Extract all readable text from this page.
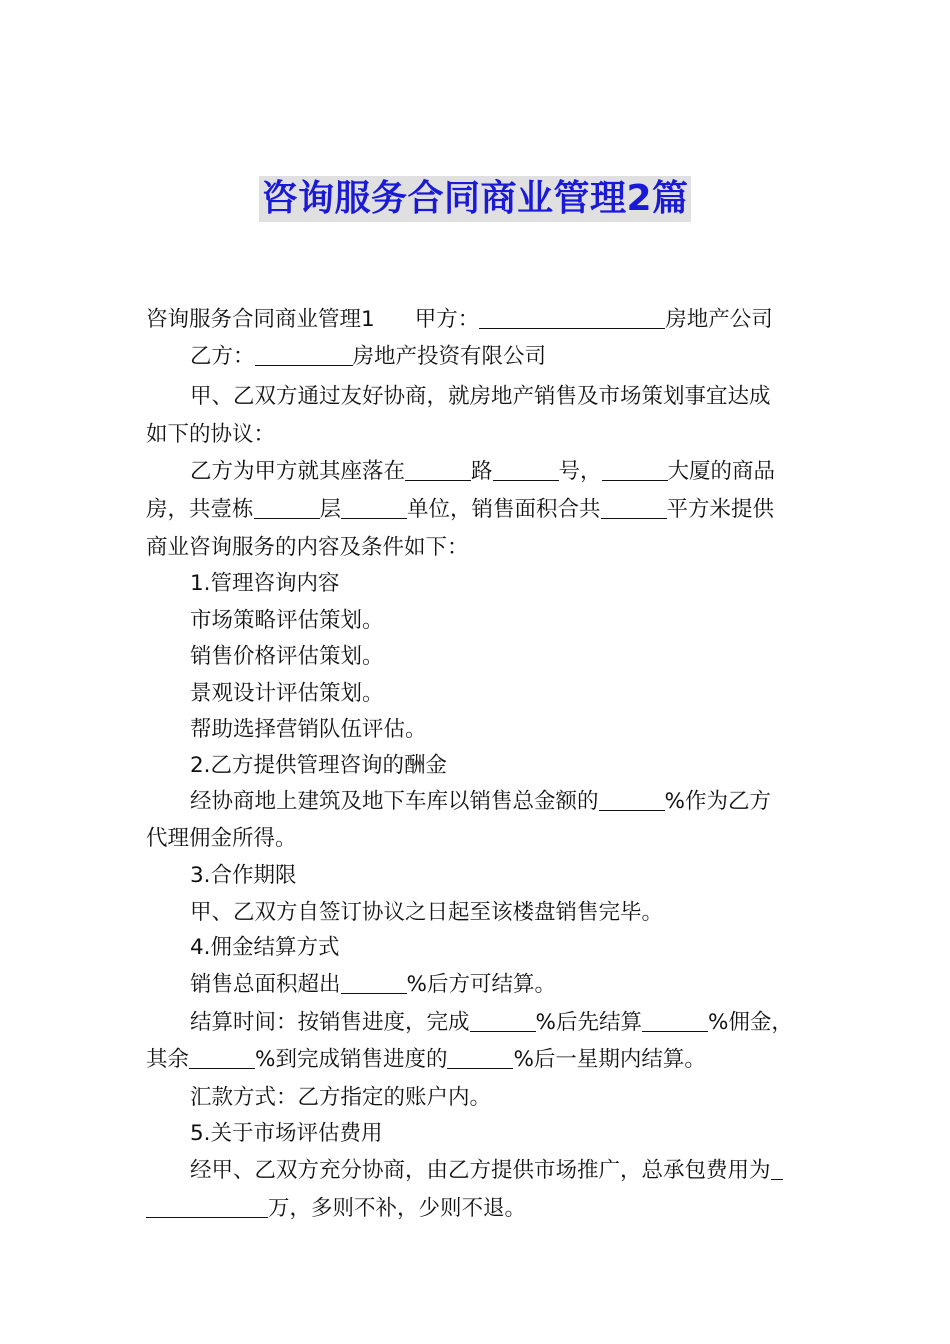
咨询服务合同商业管理2篇
咨询服务合同商业管理1 甲方：	房地产公司
乙方：	房地产投资有限公司
甲、乙双方通过友好协商，就房地产销售及市场策划事宜达成
如下的协议：
乙方为甲方就其座落在	路	号，	大厦的商品
房，共壹栋	层	单位，销售面积合共	平方米提供
商业咨询服务的内容及条件如下：
1.管理咨询内容
市场策略评估策划。
销售价格评估策划。
景观设计评估策划。
帮助选择营销队伍评估。
2.乙方提供管理咨询的酬金
经协商地上建筑及地下车库以销售总金额的	%作为乙方
代理佣金所得。
3.合作期限
甲、乙双方自签订协议之日起至该楼盘销售完毕。
4.佣金结算方式
销售总面积超出	%后方可结算。
结算时间：按销售进度，完成	%后先结算	%佣金，
其余	%到完成销售进度的	%后一星期内结算。
汇款方式：乙方指定的账户内。
5.关于市场评估费用
经甲、乙双方充分协商，由乙方提供市场推广，总承包费用为
万，多则不补，少则不退。
